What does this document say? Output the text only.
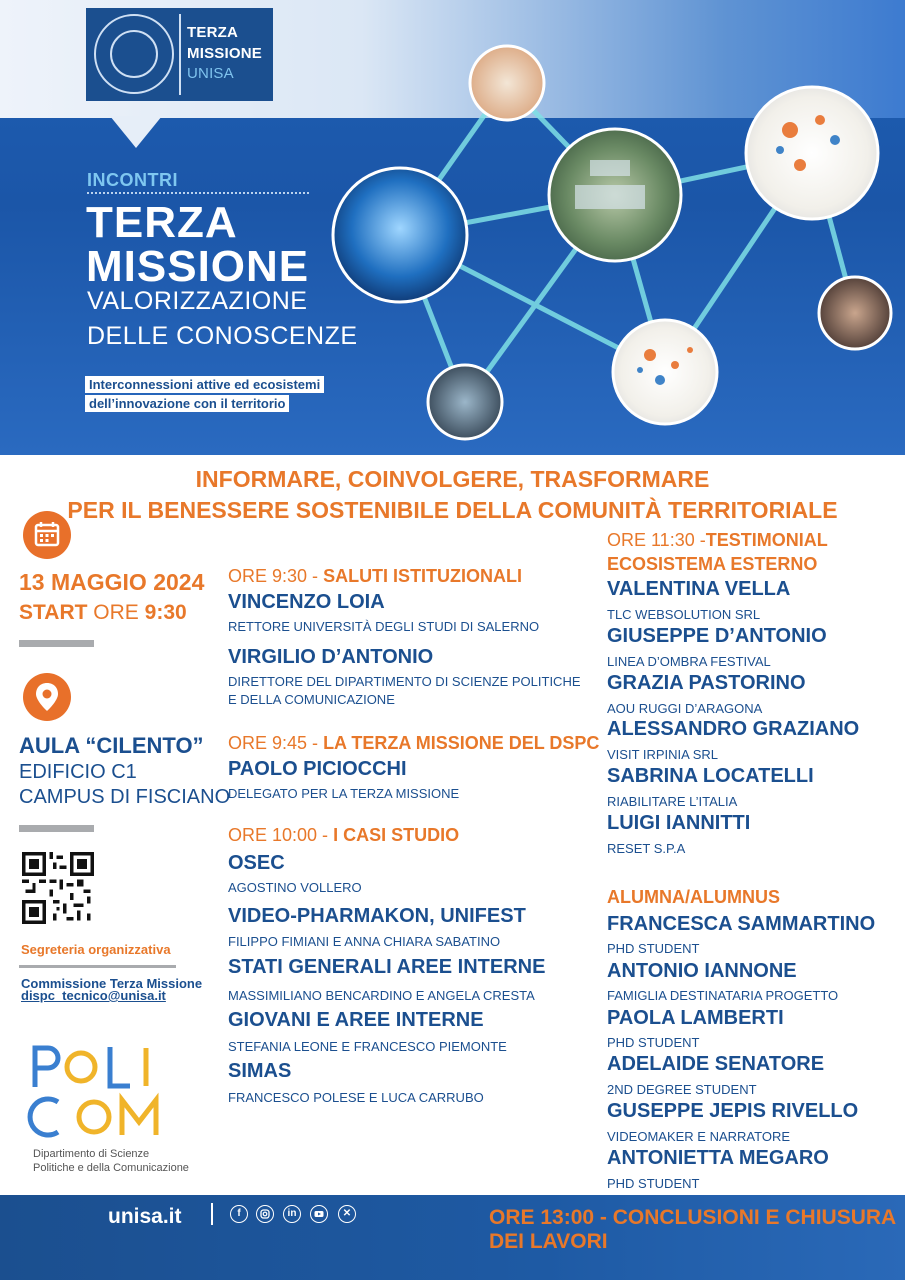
TERZA
MISSIONE
UNISA
INCONTRI
TERZA
MISSIONE
VALORIZZAZIONE
DELLE CONOSCENZE
Interconnessioni attive ed ecosistemi
dell’innovazione con il territorio
INFORMARE, COINVOLGERE, TRASFORMARE
PER IL BENESSERE SOSTENIBILE DELLA COMUNITÀ TERRITORIALE
13 MAGGIO 2024
START ORE 9:30
AULA “CILENTO”
EDIFICIO C1
CAMPUS DI FISCIANO
Segreteria organizzativa
Commissione Terza Missione
dispc_tecnico@unisa.it
Dipartimento di Scienze
Politiche e della Comunicazione
ORE 9:30 - SALUTI ISTITUZIONALI
VINCENZO LOIA
RETTORE UNIVERSITÀ DEGLI STUDI DI SALERNO
VIRGILIO D’ANTONIO
DIRETTORE DEL DIPARTIMENTO DI SCIENZE POLITICHE
E DELLA COMUNICAZIONE
ORE 9:45 - LA TERZA MISSIONE DEL DSPC
PAOLO PICIOCCHI
DELEGATO PER LA TERZA MISSIONE
ORE 10:00 - I CASI STUDIO
OSEC
AGOSTINO VOLLERO
VIDEO-PHARMAKON, UNIFEST
FILIPPO FIMIANI E ANNA CHIARA SABATINO
STATI GENERALI AREE INTERNE
MASSIMILIANO BENCARDINO E ANGELA CRESTA
GIOVANI E AREE INTERNE
STEFANIA LEONE E FRANCESCO PIEMONTE
SIMAS
FRANCESCO POLESE E LUCA CARRUBO
ORE 11:30 -TESTIMONIAL
ECOSISTEMA ESTERNO
VALENTINA VELLA
TLC WEBSOLUTION SRL
GIUSEPPE D’ANTONIO
LINEA D’OMBRA FESTIVAL
GRAZIA PASTORINO
AOU RUGGI D’ARAGONA
ALESSANDRO GRAZIANO
VISIT IRPINIA SRL
SABRINA LOCATELLI
RIABILITARE L’ITALIA
LUIGI IANNITTI
RESET S.P.A
ALUMNA/ALUMNUS
FRANCESCA SAMMARTINO
PHD STUDENT
ANTONIO IANNONE
FAMIGLIA DESTINATARIA PROGETTO
PAOLA LAMBERTI
PHD STUDENT
ADELAIDE SENATORE
2ND DEGREE STUDENT
GUSEPPE JEPIS RIVELLO
VIDEOMAKER E NARRATORE
ANTONIETTA MEGARO
PHD STUDENT
unisa.it	f	in	✕	ORE 13:00 - CONCLUSIONI E CHIUSURA DEI LAVORI
